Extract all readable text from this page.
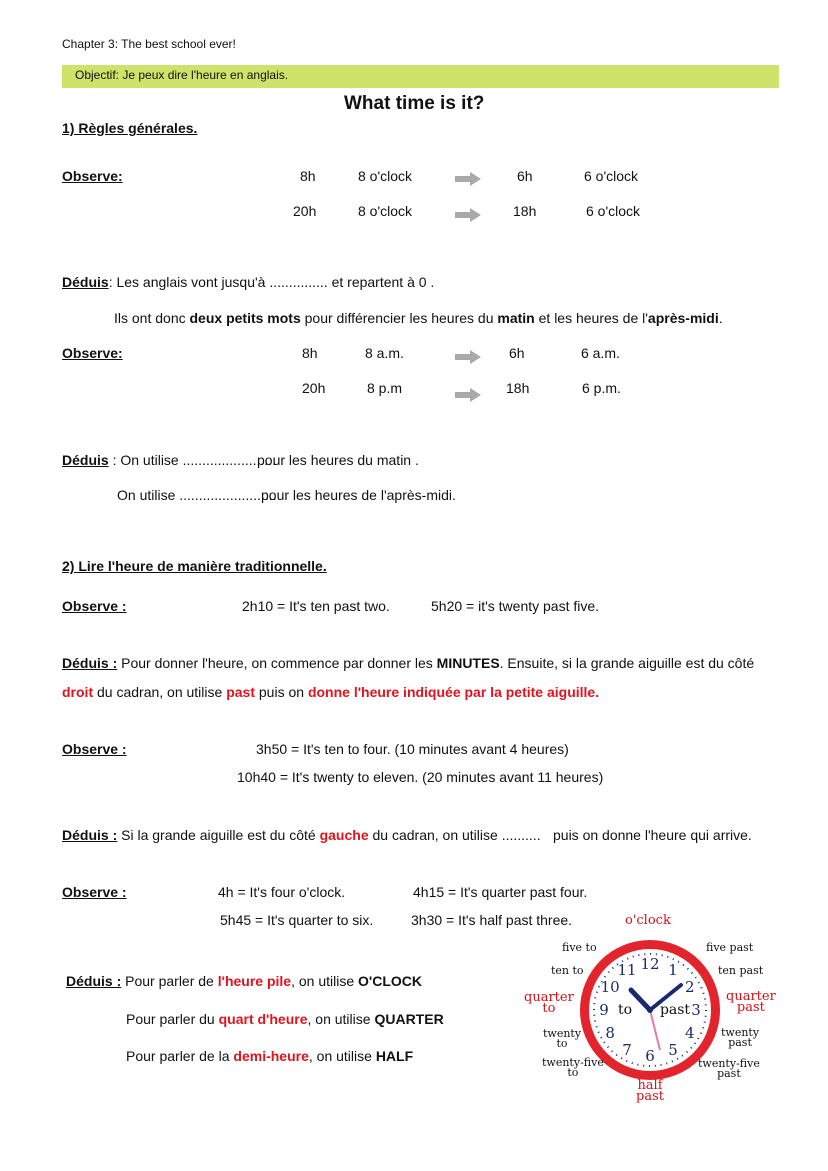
Chapter 3: The best school ever!
Objectif: Je peux dire l'heure en anglais.
What time is it?
1) Règles générales.
Observe:	8h	8 o'clock	6h	6 o'clock
20h	8 o'clock	18h	6 o'clock
Déduis: Les anglais vont jusqu'à ............... et repartent à 0 .
Ils ont donc deux petits mots pour différencier les heures du matin et les heures de l'après-midi.
Observe:	8h	8 a.m.	6h	6 a.m.
20h	8 p.m	18h	6 p.m.
Déduis : On utilise ........................
pour les heures du matin .
On utilise .........................
pour les heures de l'après-midi.
2) Lire l'heure de manière traditionnelle.
Observe :	2h10 = It's ten past two.	5h20 = it's twenty past five.
Déduis : Pour donner l'heure, on commence par donner les MINUTES. Ensuite, si la grande aiguille est du côté
droit du cadran, on utilise past puis on donne l'heure indiquée par la petite aiguille.
Observe :	3h50 = It's ten to four. (10 minutes avant 4 heures)
10h40 = It's twenty to eleven. (20 minutes avant 11 heures)
Déduis : Si la grande aiguille est du côté gauche du cadran, on utilise .......... puis on donne l'heure qui arrive.
Observe :	4h = It's four o'clock.	4h15 = It's quarter past four.
5h45 = It's quarter to six.	3h30 = It's half past three.
Déduis : Pour parler de l'heure pile, on utilise O'CLOCK
Pour parler du quart d'heure, on utilise QUARTER
Pour parler de la demi-heure, on utilise HALF
12 1
2
3
4
5
6
7
8
9
10
11
to past
o'clock
five to	five past
ten to	ten past
quarter
to
quarter
past
twenty
to
twenty
past
twenty-five
to
twenty-five
past
half
past
